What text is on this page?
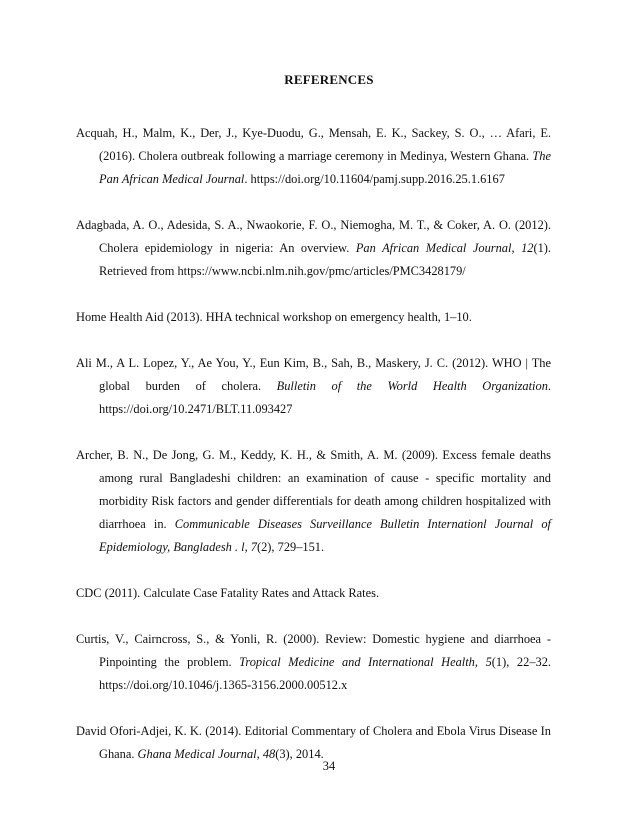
REFERENCES

Acquah, H., Malm, K., Der, J., Kye-Duodu, G., Mensah, E. K., Sackey, S. O., … Afari, E. (2016). Cholera outbreak following a marriage ceremony in Medinya, Western Ghana. The Pan African Medical Journal. https://doi.org/10.11604/pamj.supp.2016.25.1.6167

Adagbada, A. O., Adesida, S. A., Nwaokorie, F. O., Niemogha, M. T., & Coker, A. O. (2012). Cholera epidemiology in nigeria: An overview. Pan African Medical Journal, 12(1). Retrieved from https://www.ncbi.nlm.nih.gov/pmc/articles/PMC3428179/

Home Health Aid (2013). HHA technical workshop on emergency health, 1–10.

Ali M., A L. Lopez, Y., Ae You, Y., Eun Kim, B., Sah, B., Maskery, J. C. (2012). WHO | The global burden of cholera. Bulletin of the World Health Organization. https://doi.org/10.2471/BLT.11.093427

Archer, B. N., De Jong, G. M., Keddy, K. H., & Smith, A. M. (2009). Excess female deaths among rural Bangladeshi children: an examination of cause - specific mortality and morbidity Risk factors and gender differentials for death among children hospitalized with diarrhoea in. Communicable Diseases Surveillance Bulletin Internationl Journal of Epidemiology, Bangladesh . l, 7(2), 729–151.

CDC (2011). Calculate Case Fatality Rates and Attack Rates.

Curtis, V., Cairncross, S., & Yonli, R. (2000). Review: Domestic hygiene and diarrhoea - Pinpointing the problem. Tropical Medicine and International Health, 5(1), 22–32. https://doi.org/10.1046/j.1365-3156.2000.00512.x

David Ofori-Adjei, K. K. (2014). Editorial Commentary of Cholera and Ebola Virus Disease In Ghana. Ghana Medical Journal, 48(3), 2014.

34
